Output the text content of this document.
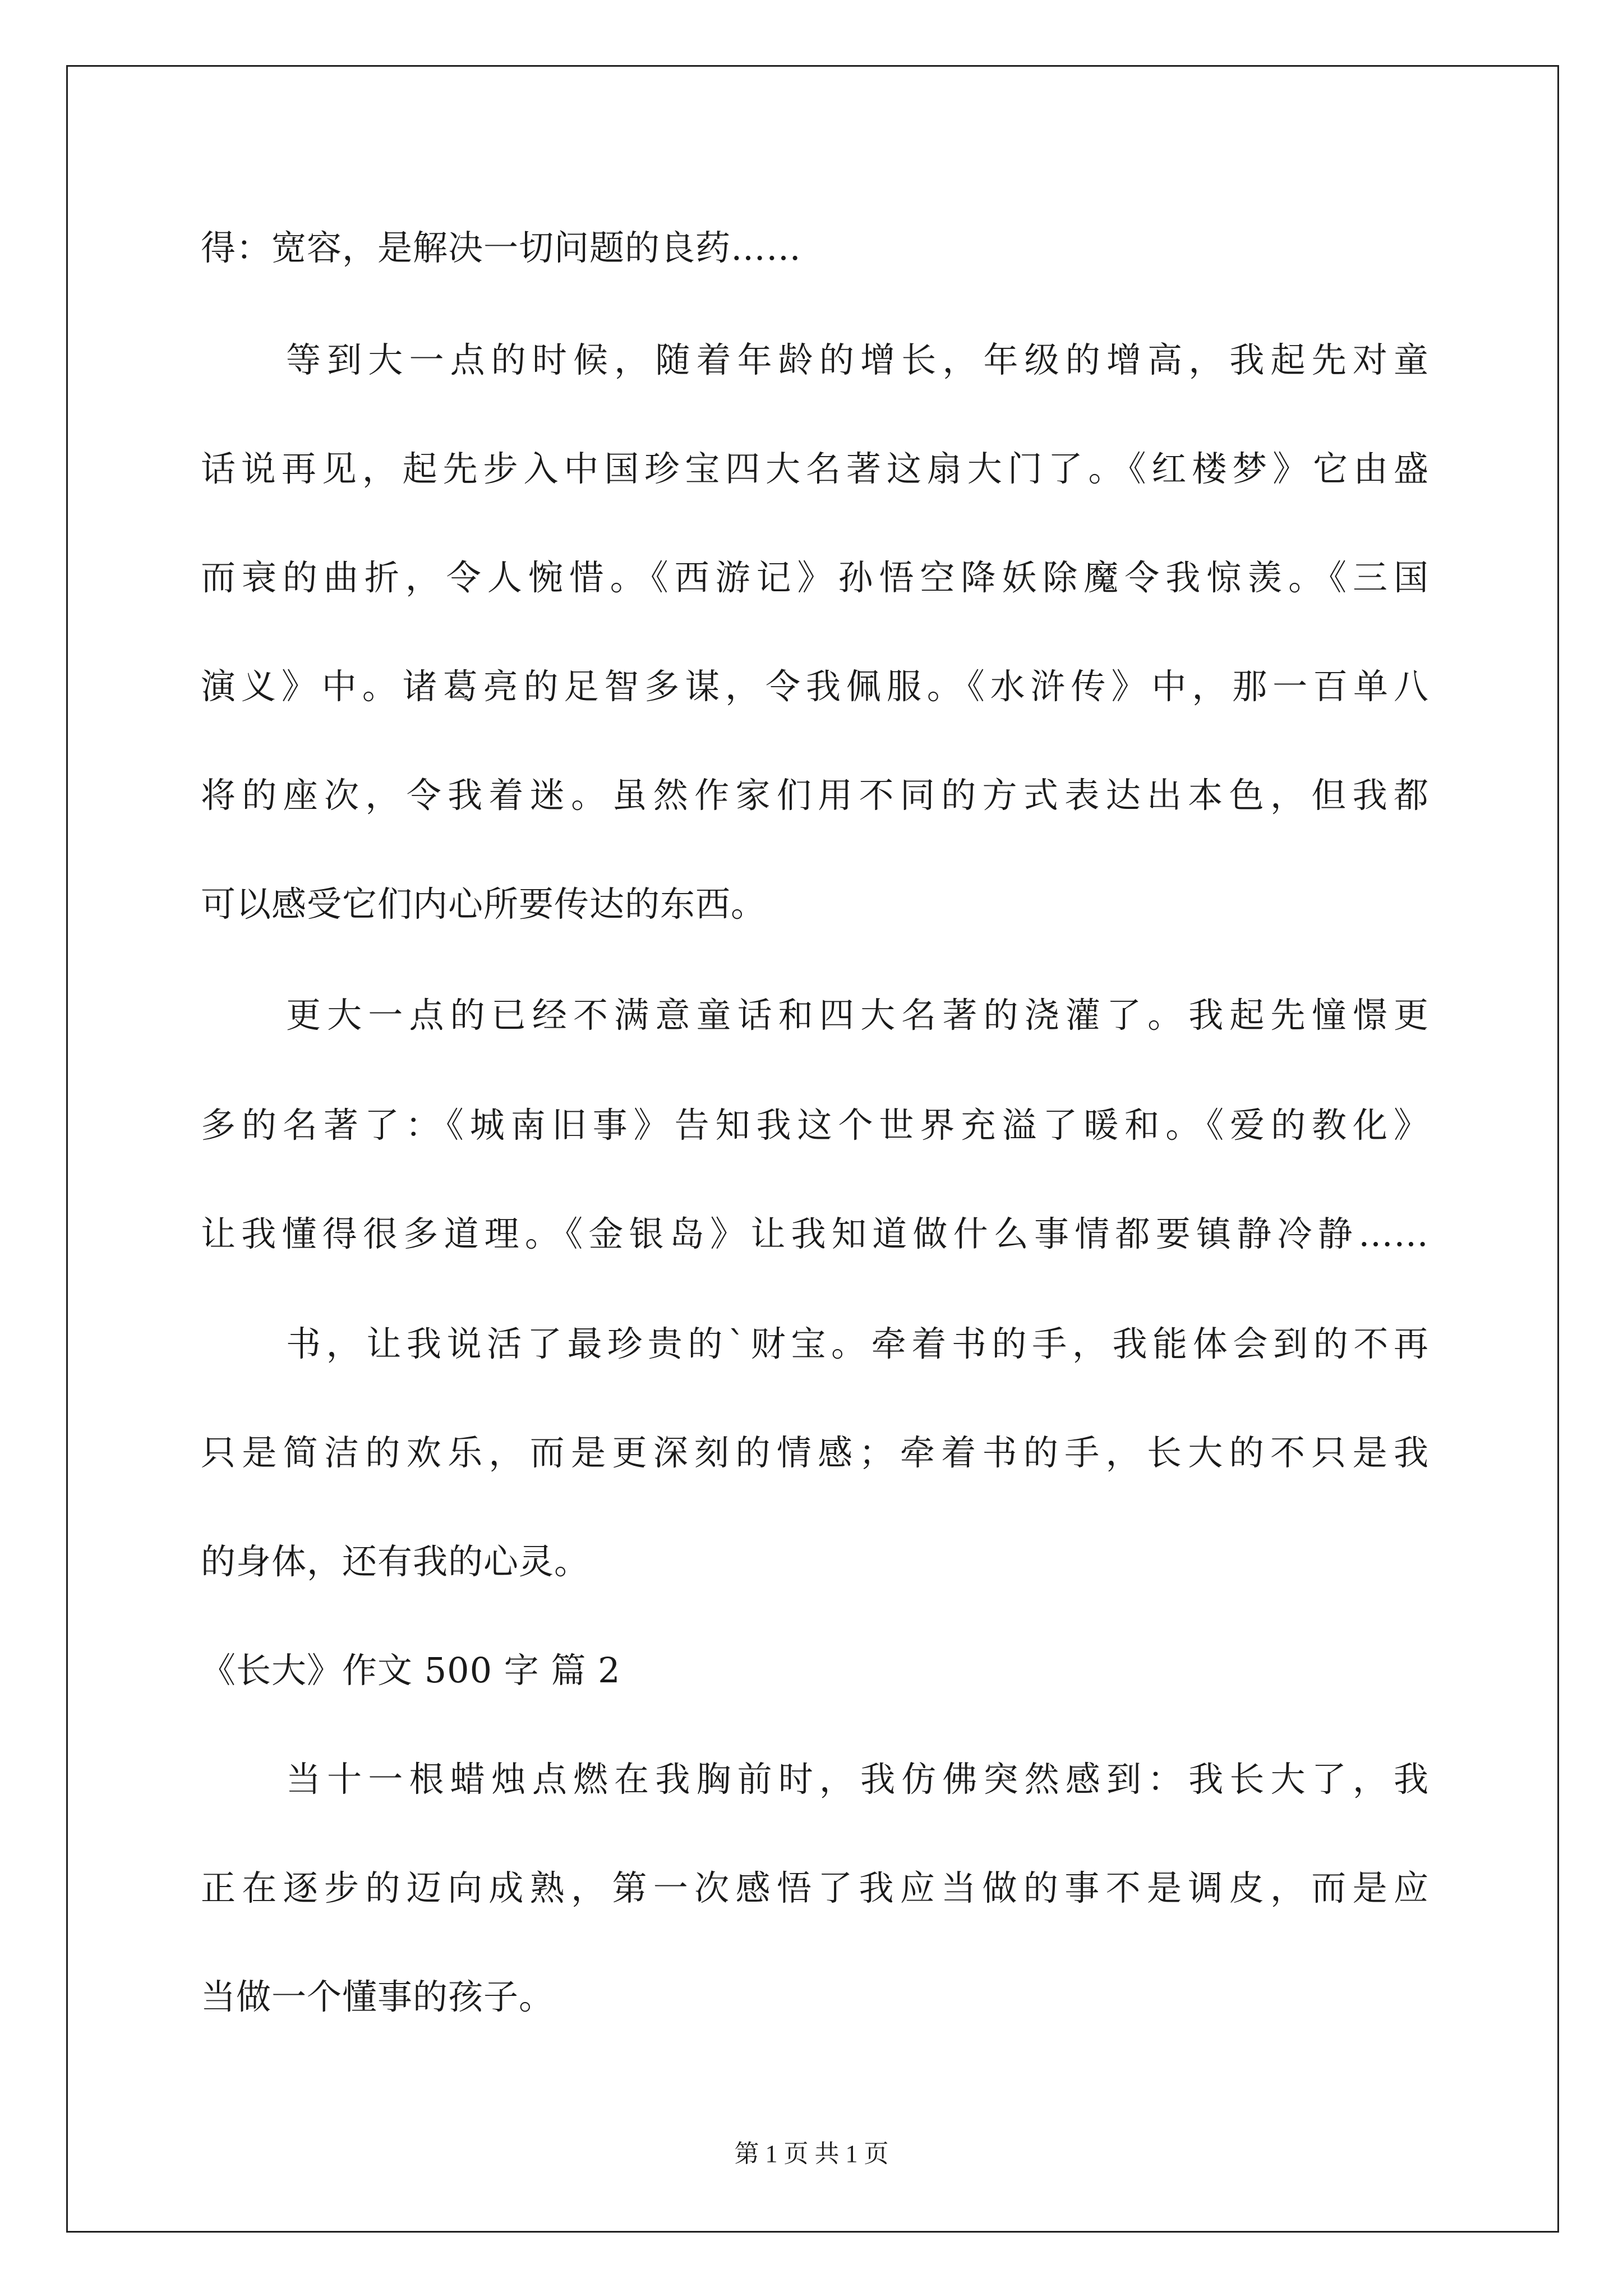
得：宽容，是解决一切问题的良药……
等到大一点的时候，随着年龄的增长，年级的增高，我起先对童
话说再见，起先步入中国珍宝四大名著这扇大门了。《红楼梦》它由盛
而衰的曲折，令人惋惜。《西游记》孙悟空降妖除魔令我惊羡。《三国
演义》中。诸葛亮的足智多谋，令我佩服。《水浒传》中，那一百单八
将的座次，令我着迷。虽然作家们用不同的方式表达出本色，但我都
可以感受它们内心所要传达的东西。
更大一点的已经不满意童话和四大名著的浇灌了。我起先憧憬更
多的名著了：《城南旧事》告知我这个世界充溢了暖和。《爱的教化》
让我懂得很多道理。《金银岛》让我知道做什么事情都要镇静冷静……
书，让我说活了最珍贵的`财宝。牵着书的手，我能体会到的不再
只是简洁的欢乐，而是更深刻的情感；牵着书的手，长大的不只是我
的身体，还有我的心灵。
《长大》作文 500 字 篇 2
当十一根蜡烛点燃在我胸前时，我仿佛突然感到：我长大了，我
正在逐步的迈向成熟，第一次感悟了我应当做的事不是调皮，而是应
当做一个懂事的孩子。
第 1 页 共 1 页
